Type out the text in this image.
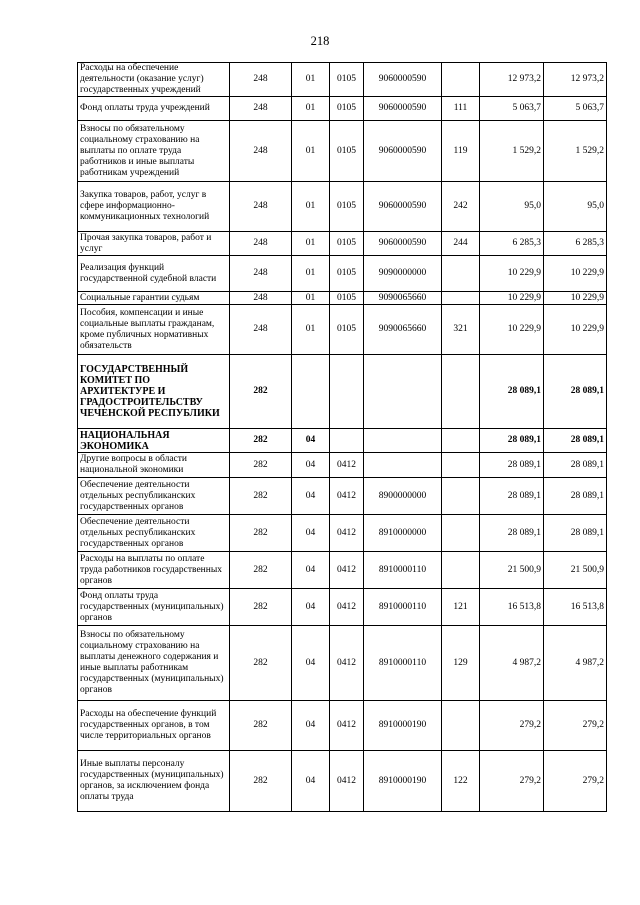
218
Расходы на обеспечение деятельности (оказание услуг) государственных учреждений	248	01	0105	9060000590		12 973,2	12 973,2
Фонд оплаты труда учреждений	248	01	0105	9060000590	111	5 063,7	5 063,7
Взносы по обязательному социальному страхованию на выплаты по оплате труда работников и иные выплаты работникам учреждений	248	01	0105	9060000590	119	1 529,2	1 529,2
Закупка товаров, работ, услуг в сфере информационно-коммуникационных технологий	248	01	0105	9060000590	242	95,0	95,0
Прочая закупка товаров, работ и услуг	248	01	0105	9060000590	244	6 285,3	6 285,3
Реализация функций государственной судебной власти	248	01	0105	9090000000		10 229,9	10 229,9
Социальные гарантии судьям	248	01	0105	9090065660		10 229,9	10 229,9
Пособия, компенсации и иные социальные выплаты гражданам, кроме публичных нормативных обязательств	248	01	0105	9090065660	321	10 229,9	10 229,9
ГОСУДАРСТВЕННЫЙ КОМИТЕТ ПО АРХИТЕКТУРЕ И ГРАДОСТРОИТЕЛЬСТВУ ЧЕЧЕНСКОЙ РЕСПУБЛИКИ	282					28 089,1	28 089,1
НАЦИОНАЛЬНАЯ ЭКОНОМИКА	282	04				28 089,1	28 089,1
Другие вопросы в области национальной экономики	282	04	0412			28 089,1	28 089,1
Обеспечение деятельности отдельных республиканских государственных органов	282	04	0412	8900000000		28 089,1	28 089,1
Обеспечение деятельности отдельных республиканских государственных органов	282	04	0412	8910000000		28 089,1	28 089,1
Расходы на выплаты по оплате труда работников государственных органов	282	04	0412	8910000110		21 500,9	21 500,9
Фонд оплаты труда государственных (муниципальных) органов	282	04	0412	8910000110	121	16 513,8	16 513,8
Взносы по обязательному социальному страхованию на выплаты денежного содержания и иные выплаты работникам государственных (муниципальных) органов	282	04	0412	8910000110	129	4 987,2	4 987,2
Расходы на обеспечение функций государственных органов, в том числе территориальных органов	282	04	0412	8910000190		279,2	279,2
Иные выплаты персоналу государственных (муниципальных) органов, за исключением фонда оплаты труда	282	04	0412	8910000190	122	279,2	279,2
